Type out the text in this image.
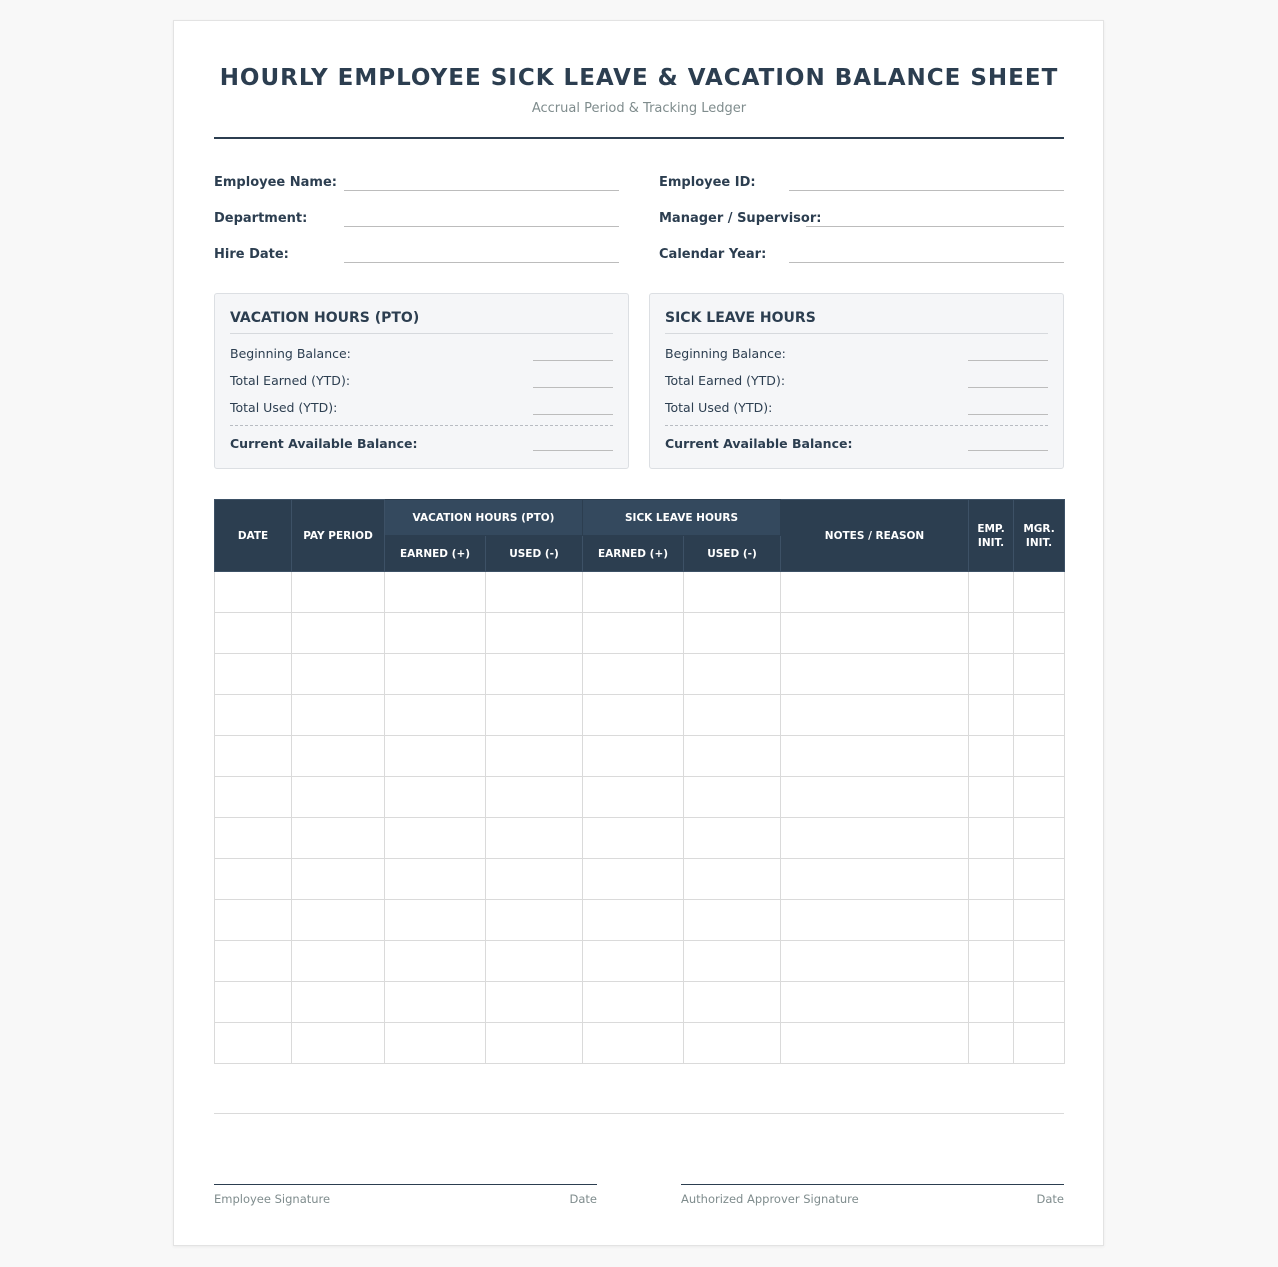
HOURLY EMPLOYEE SICK LEAVE & VACATION BALANCE SHEET
Accrual Period & Tracking Ledger
Employee Name:	Employee ID:
Department:	Manager / Supervisor:
Hire Date:	Calendar Year:
VACATION HOURS (PTO)
Beginning Balance:
Total Earned (YTD):
Total Used (YTD):
Current Available Balance:
SICK LEAVE HOURS
Beginning Balance:
Total Earned (YTD):
Total Used (YTD):
Current Available Balance:
DATE	PAY PERIOD	VACATION HOURS (PTO)		SICK LEAVE HOURS		NOTES / REASON	EMP. INIT.	MGR. INIT.
		EARNED (+)	USED (-)	EARNED (+)	USED (-)			

Employee Signature	Date	Authorized Approver Signature	Date
